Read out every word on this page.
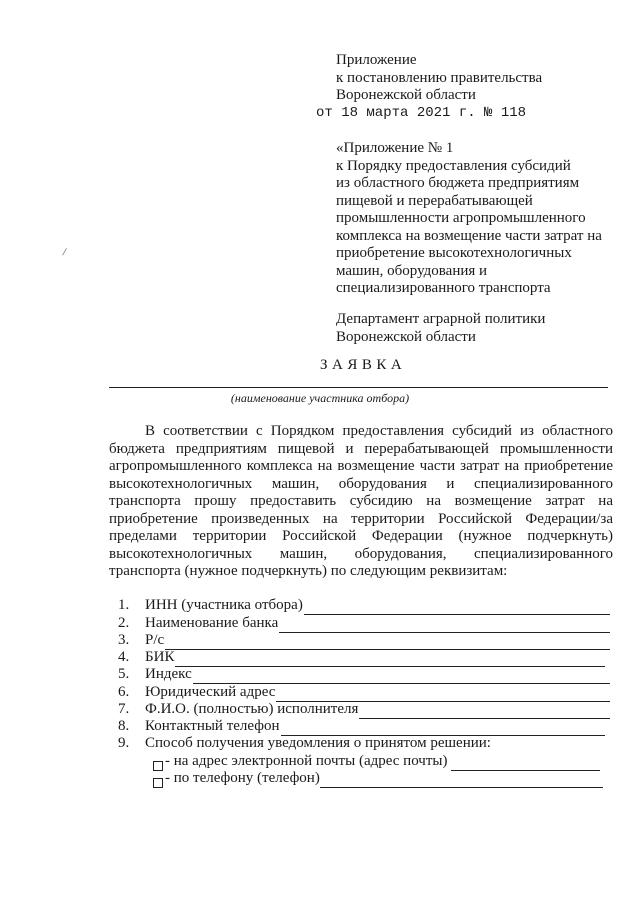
Приложение
к постановлению правительства
Воронежской области
от 18 марта 2021 г. № 118
«Приложение № 1
к Порядку предоставления субсидий
из областного бюджета предприятиям
пищевой и перерабатывающей
промышленности агропромышленного
комплекса на возмещение части затрат на
приобретение высокотехнологичных
машин, оборудования и
специализированного транспорта
Департамент аграрной политики
Воронежской области
ЗАЯВКА
(наименование участника отбора)
В соответствии с Порядком предоставления субсидий из областного
бюджета предприятиям пищевой и перерабатывающей промышленности
агропромышленного комплекса на возмещение части затрат на приобретение
высокотехнологичных машин, оборудования и специализированного
транспорта прошу предоставить субсидию на возмещение затрат на
приобретение произведенных на территории Российской Федерации/за
пределами территории Российской Федерации (нужное подчеркнуть)
высокотехнологичных машин, оборудования, специализированного
транспорта (нужное подчеркнуть) по следующим реквизитам:
1.	ИНН (участника отбора)
2.	Наименование банка
3.	Р/с
4.	БИК
5.	Индекс
6.	Юридический адрес
7.	Ф.И.О. (полностью) исполнителя
8.	Контактный телефон
9.	Способ получения уведомления о принятом решении:
- на адрес электронной почты (адрес почты)
- по телефону (телефон)
